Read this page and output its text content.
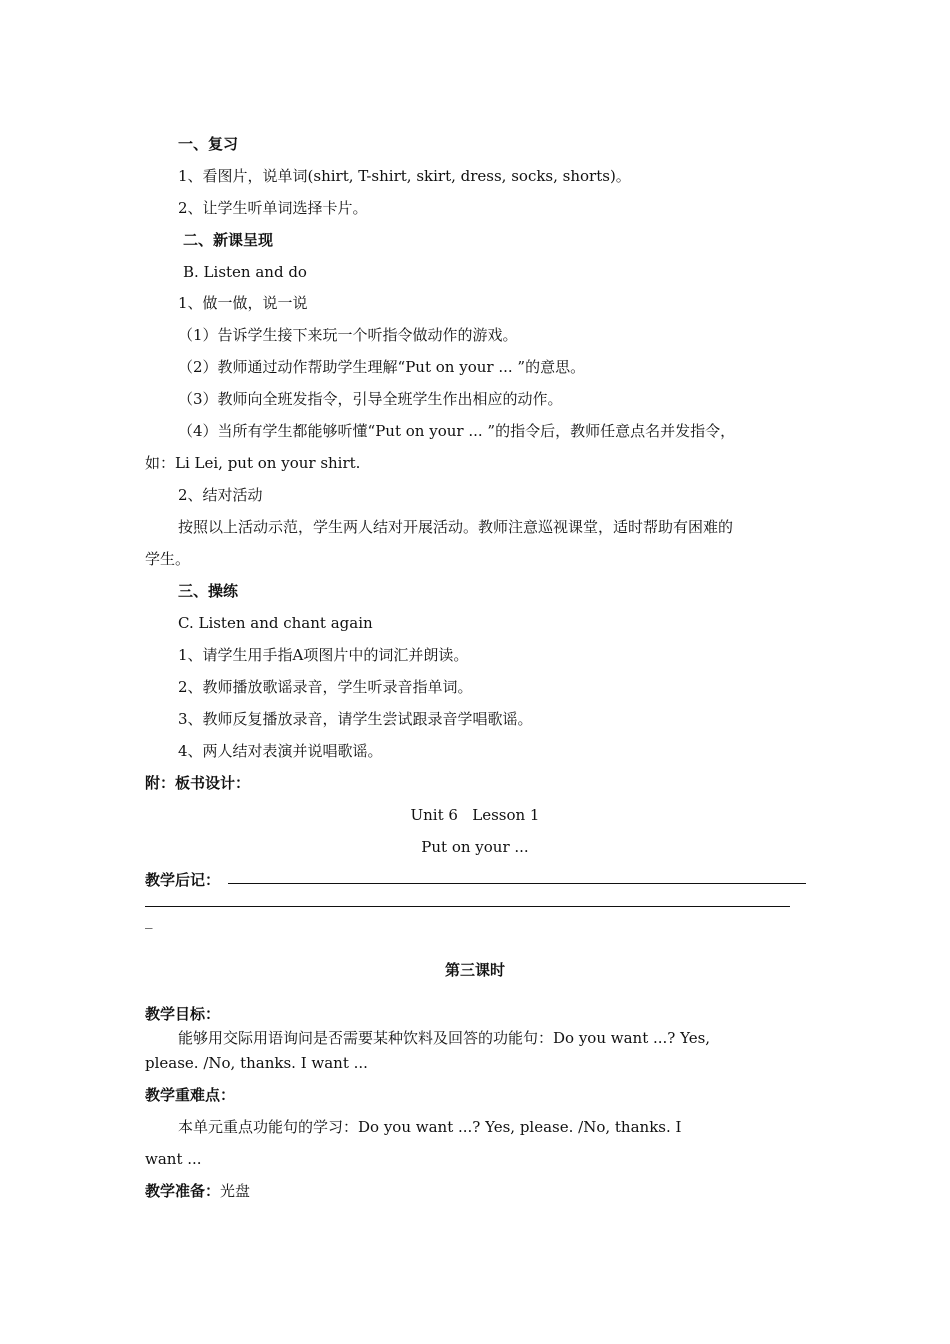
一、复习
1、看图片，说单词(shirt, T-shirt, skirt, dress, socks, shorts)。
2、让学生听单词选择卡片。
二、新课呈现
B. Listen and do
1、做一做，说一说
（1）告诉学生接下来玩一个听指令做动作的游戏。
（2）教师通过动作帮助学生理解“Put on your ... ”的意思。
（3）教师向全班发指令，引导全班学生作出相应的动作。
（4）当所有学生都能够听懂“Put on your ... ”的指令后，教师任意点名并发指令，
如：Li Lei, put on your shirt.
2、结对活动
按照以上活动示范，学生两人结对开展活动。教师注意巡视课堂，适时帮助有困难的
学生。
三、操练
C. Listen and chant again
1、请学生用手指A项图片中的词汇并朗读。
2、教师播放歌谣录音，学生听录音指单词。
3、教师反复播放录音，请学生尝试跟录音学唱歌谣。
4、两人结对表演并说唱歌谣。
附：板书设计：
Unit 6   Lesson 1
Put on your ...
教学后记：
_
第三课时
教学目标：
能够用交际用语询问是否需要某种饮料及回答的功能句：Do you want ...? Yes,
please. /No, thanks. I want ...
教学重难点：
本单元重点功能句的学习：Do you want ...? Yes, please. /No, thanks. I
want ...
教学准备：光盘
